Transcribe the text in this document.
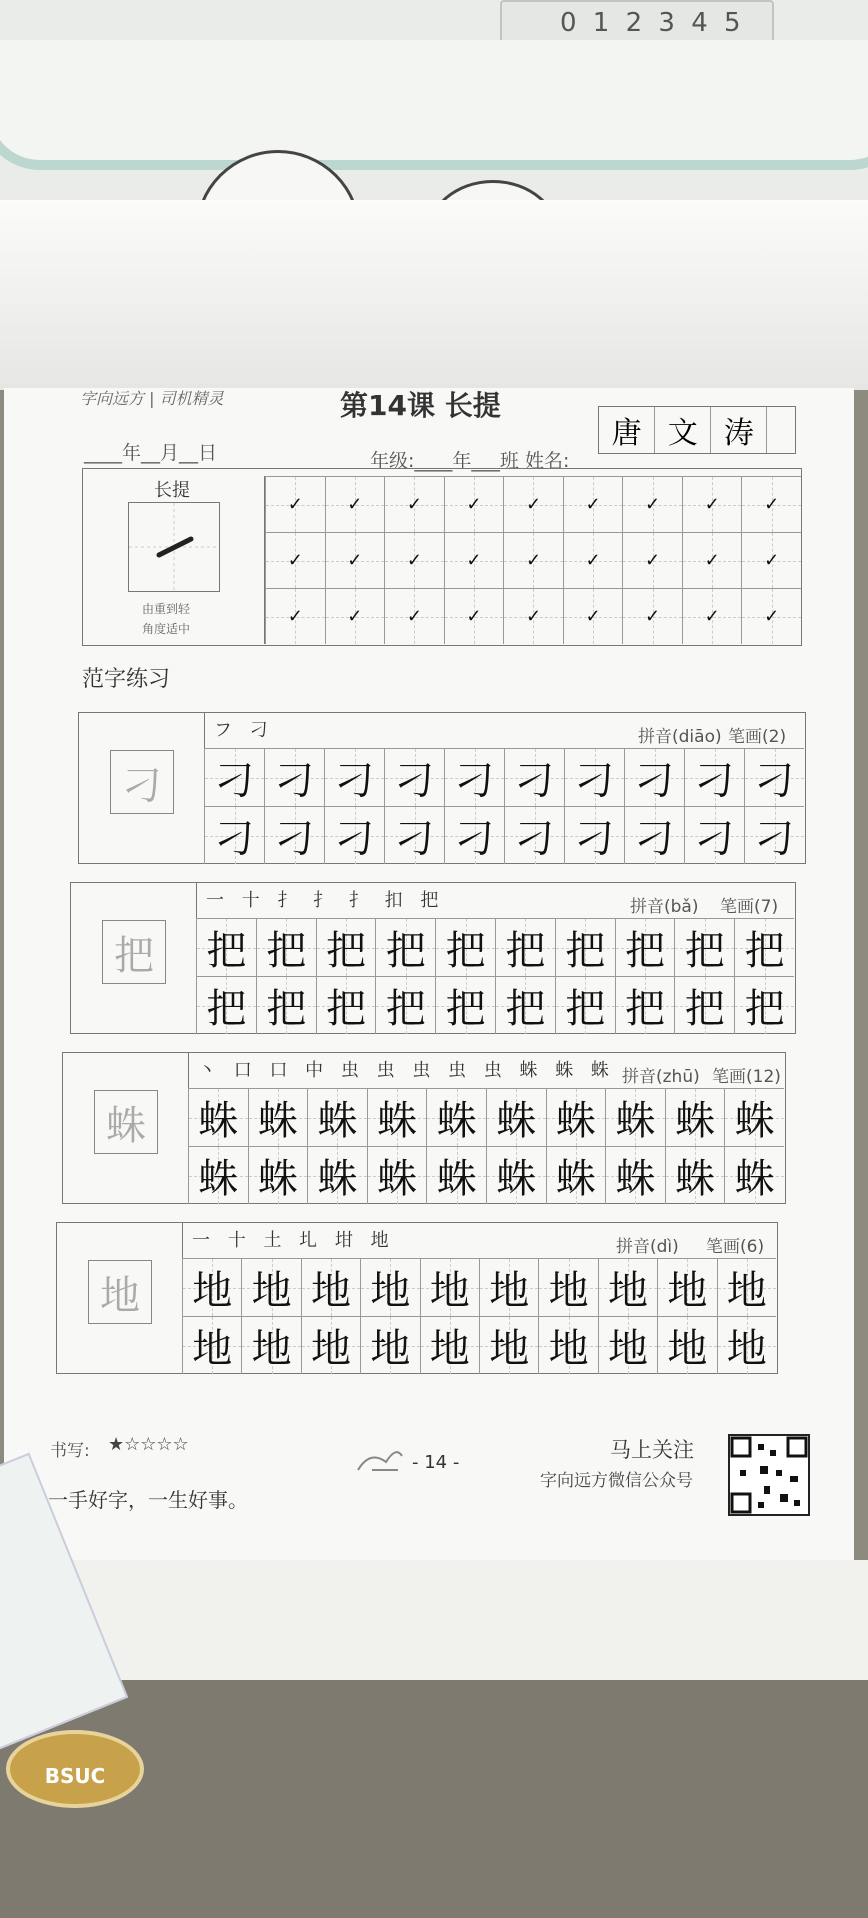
0 1 2 3 4 5
BSUC
字向远方 | 司机精灵	第14课 长提
____年__月__日	年级:____年___班 姓名:
唐 文 涛
长提
由重到轻
角度适中
✓ ✓ ✓ ✓ ✓ ✓ ✓ ✓ ✓
✓ ✓ ✓ ✓ ✓ ✓ ✓ ✓ ✓
✓ ✓ ✓ ✓ ✓ ✓ ✓ ✓ ✓
范字练习
刁
フ 刁	拼音(diāo) 笔画(2)
刁 刁 刁 刁 刁 刁 刁 刁 刁 刁
刁 刁 刁 刁 刁 刁 刁 刁 刁 刁
把
一 十 扌 扌 扌 扣 把	拼音(bǎ) 笔画(7)
把 把 把 把 把 把 把 把 把 把
把 把 把 把 把 把 把 把 把 把
蛛
丶 口 口 中 虫 虫 虫 虫 虫 蛛 蛛 蛛 拼音(zhū) 笔画(12)
蛛 蛛 蛛 蛛 蛛 蛛 蛛 蛛 蛛 蛛
蛛 蛛 蛛 蛛 蛛 蛛 蛛 蛛 蛛 蛛
地
一 十 土 圠 坩 地	拼音(dì) 笔画(6)
地 地 地 地 地 地 地 地 地 地
地 地 地 地 地 地 地 地 地 地
书写: ★☆☆☆☆
一手好字，一生好事。
- 14 -
马上关注
字向远方微信公众号
